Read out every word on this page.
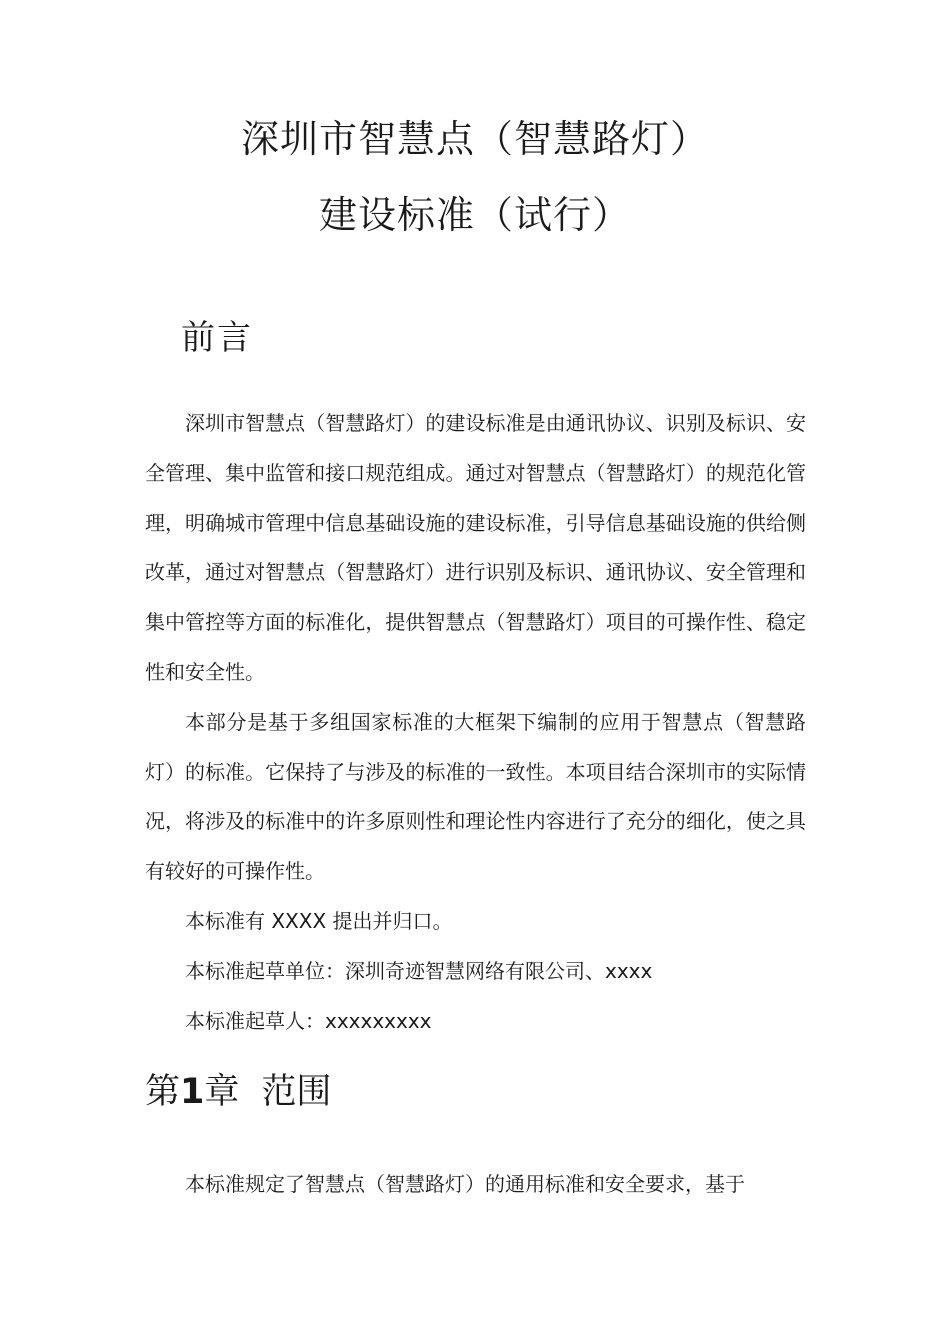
深圳市智慧点（智慧路灯）
建设标准（试行）
前言

深圳市智慧点（智慧路灯）的建设标准是由通讯协议、识别及标识、安全管理、集中监管和接口规范组成。通过对智慧点（智慧路灯）的规范化管理，明确城市管理中信息基础设施的建设标准，引导信息基础设施的供给侧改革，通过对智慧点（智慧路灯）进行识别及标识、通讯协议、安全管理和集中管控等方面的标准化，提供智慧点（智慧路灯）项目的可操作性、稳定性和安全性。

本部分是基于多组国家标准的大框架下编制的应用于智慧点（智慧路灯）的标准。它保持了与涉及的标准的一致性。本项目结合深圳市的实际情况，将涉及的标准中的许多原则性和理论性内容进行了充分的细化，使之具有较好的可操作性。

本标准有 XXXX 提出并归口。

本标准起草单位：深圳奇迹智慧网络有限公司、xxxx

本标准起草人：xxxxxxxxx

第1章 范围

本标准规定了智慧点（智慧路灯）的通用标准和安全要求，基于
